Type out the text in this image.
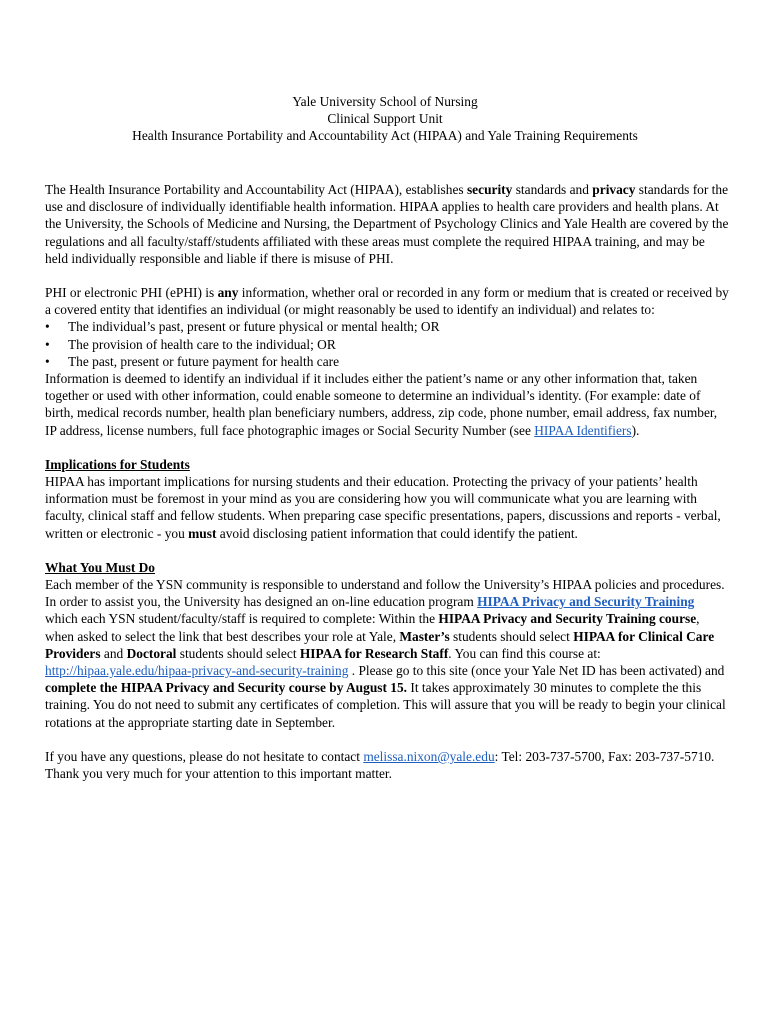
Yale University School of Nursing
Clinical Support Unit
Health Insurance Portability and Accountability Act (HIPAA) and Yale Training Requirements

The Health Insurance Portability and Accountability Act (HIPAA), establishes security standards and privacy standards for the use and disclosure of individually identifiable health information. HIPAA applies to health care providers and health plans. At the University, the Schools of Medicine and Nursing, the Department of Psychology Clinics and Yale Health are covered by the regulations and all faculty/staff/students affiliated with these areas must complete the required HIPAA training, and may be held individually responsible and liable if there is misuse of PHI.

PHI or electronic PHI (ePHI) is any information, whether oral or recorded in any form or medium that is created or received by a covered entity that identifies an individual (or might reasonably be used to identify an individual) and relates to:

• The individual’s past, present or future physical or mental health; OR
• The provision of health care to the individual; OR
• The past, present or future payment for health care

Information is deemed to identify an individual if it includes either the patient’s name or any other information that, taken together or used with other information, could enable someone to determine an individual’s identity. (For example: date of birth, medical records number, health plan beneficiary numbers, address, zip code, phone number, email address, fax number, IP address, license numbers, full face photographic images or Social Security Number (see HIPAA Identifiers).

Implications for Students
HIPAA has important implications for nursing students and their education. Protecting the privacy of your patients’ health information must be foremost in your mind as you are considering how you will communicate what you are learning with faculty, clinical staff and fellow students. When preparing case specific presentations, papers, discussions and reports - verbal, written or electronic - you must avoid disclosing patient information that could identify the patient.

What You Must Do
Each member of the YSN community is responsible to understand and follow the University’s HIPAA policies and procedures. In order to assist you, the University has designed an on-line education program HIPAA Privacy and Security Training which each YSN student/faculty/staff is required to complete: Within the HIPAA Privacy and Security Training course, when asked to select the link that best describes your role at Yale, Master’s students should select HIPAA for Clinical Care Providers and Doctoral students should select HIPAA for Research Staff. You can find this course at: http://hipaa.yale.edu/hipaa-privacy-and-security-training . Please go to this site (once your Yale Net ID has been activated) and complete the HIPAA Privacy and Security course by August 15. It takes approximately 30 minutes to complete the this training. You do not need to submit any certificates of completion. This will assure that you will be ready to begin your clinical rotations at the appropriate starting date in September.

If you have any questions, please do not hesitate to contact melissa.nixon@yale.edu: Tel: 203-737-5700, Fax: 203-737-5710. Thank you very much for your attention to this important matter.
